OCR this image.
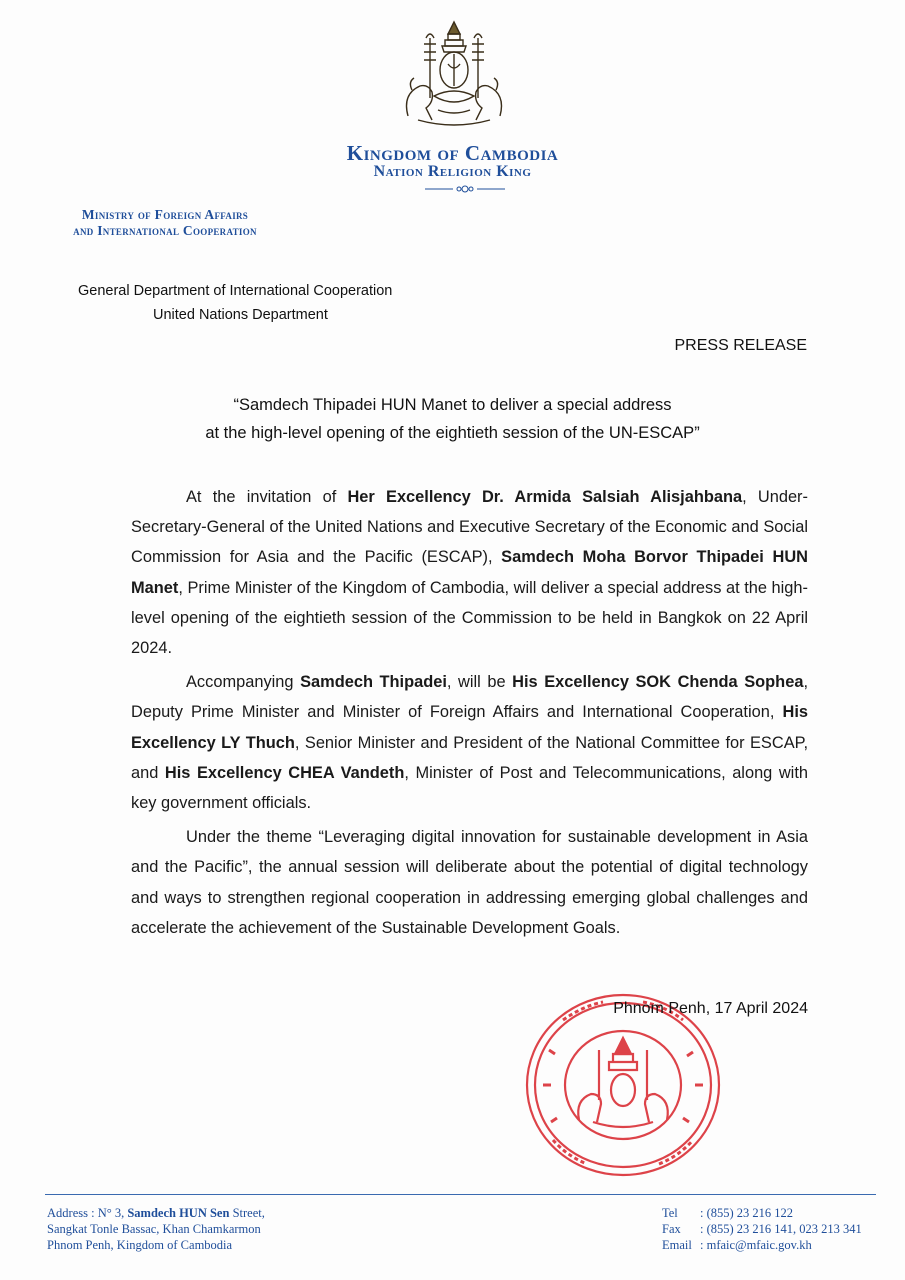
Kingdom of Cambodia
Nation Religion King
Ministry of Foreign Affairs
and International Cooperation
General Department of International Cooperation
United Nations Department
PRESS RELEASE
“Samdech Thipadei HUN Manet to deliver a special address
at the high-level opening of the eightieth session of the UN-ESCAP”

At the invitation of Her Excellency Dr. Armida Salsiah Alisjahbana, Under-Secretary-General of the United Nations and Executive Secretary of the Economic and Social Commission for Asia and the Pacific (ESCAP), Samdech Moha Borvor Thipadei HUN Manet, Prime Minister of the Kingdom of Cambodia, will deliver a special address at the high-level opening of the eightieth session of the Commission to be held in Bangkok on 22 April 2024.

Accompanying Samdech Thipadei, will be His Excellency SOK Chenda Sophea, Deputy Prime Minister and Minister of Foreign Affairs and International Cooperation, His Excellency LY Thuch, Senior Minister and President of the National Committee for ESCAP, and His Excellency CHEA Vandeth, Minister of Post and Telecommunications, along with key government officials.

Under the theme “Leveraging digital innovation for sustainable development in Asia and the Pacific”, the annual session will deliberate about the potential of digital technology and ways to strengthen regional cooperation in addressing emerging global challenges and accelerate the achievement of the Sustainable Development Goals.

Phnom Penh, 17 April 2024
Address : N° 3, Samdech HUN Sen Street,
Sangkat Tonle Bassac, Khan Chamkarmon
Phnom Penh, Kingdom of Cambodia
Tel : (855) 23 216 122
Fax : (855) 23 216 141, 023 213 341
Email : mfaic@mfaic.gov.kh
